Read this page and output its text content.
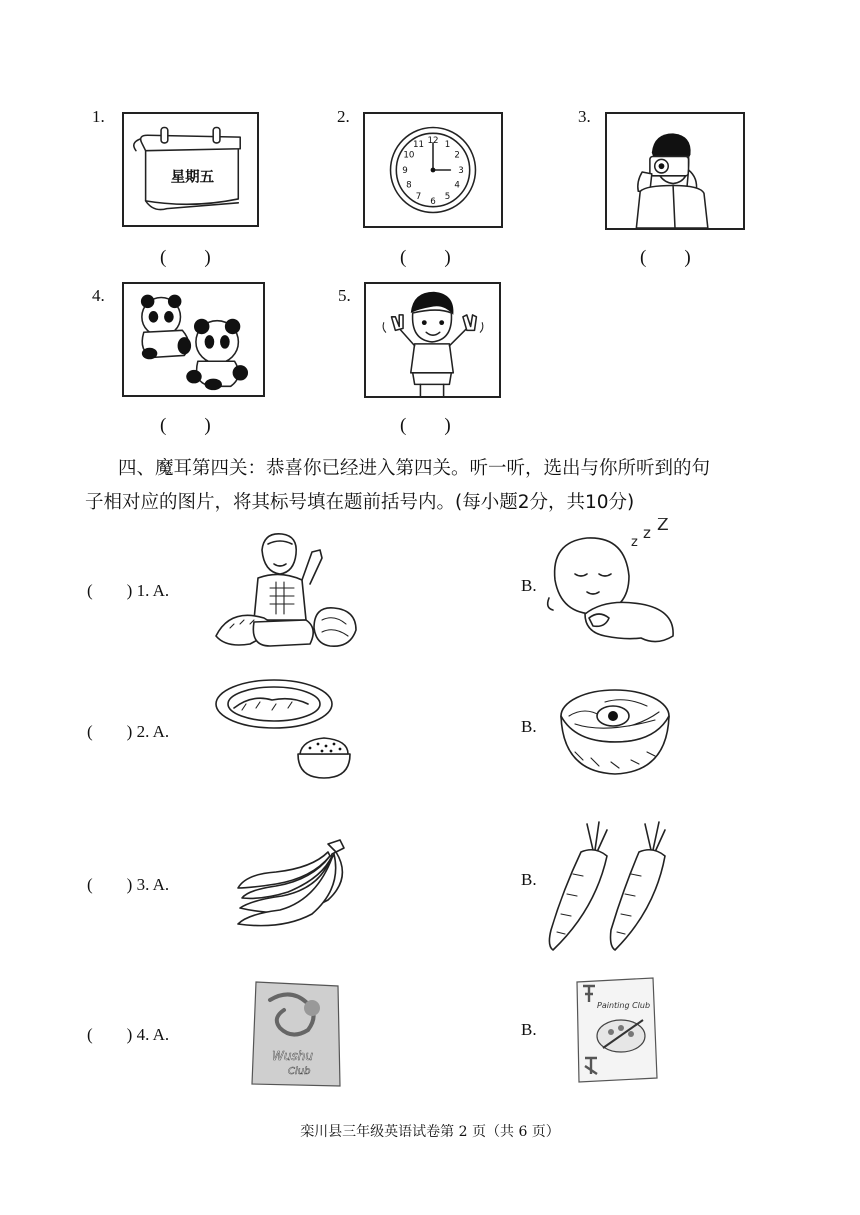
1.
星期五
(　　)
2.
12 1
2
3
4
5
6
7
8
9
10
11
(　　)
3.
(　　)
4.
(　　)
5.
(　　)
四、魔耳第四关：恭喜你已经进入第四关。听一听，选出与你所听到的句
子相对应的图片，将其标号填在题前括号内。(每小题2分，共10分)
(　　) 1. A.	B.
z
z Z
(　　) 2. A.	B.
(　　) 3. A.	B.
(　　) 4. A.
Wushu
Club
B.
Painting Club
栾川县三年级英语试卷第 2 页（共 6 页）
